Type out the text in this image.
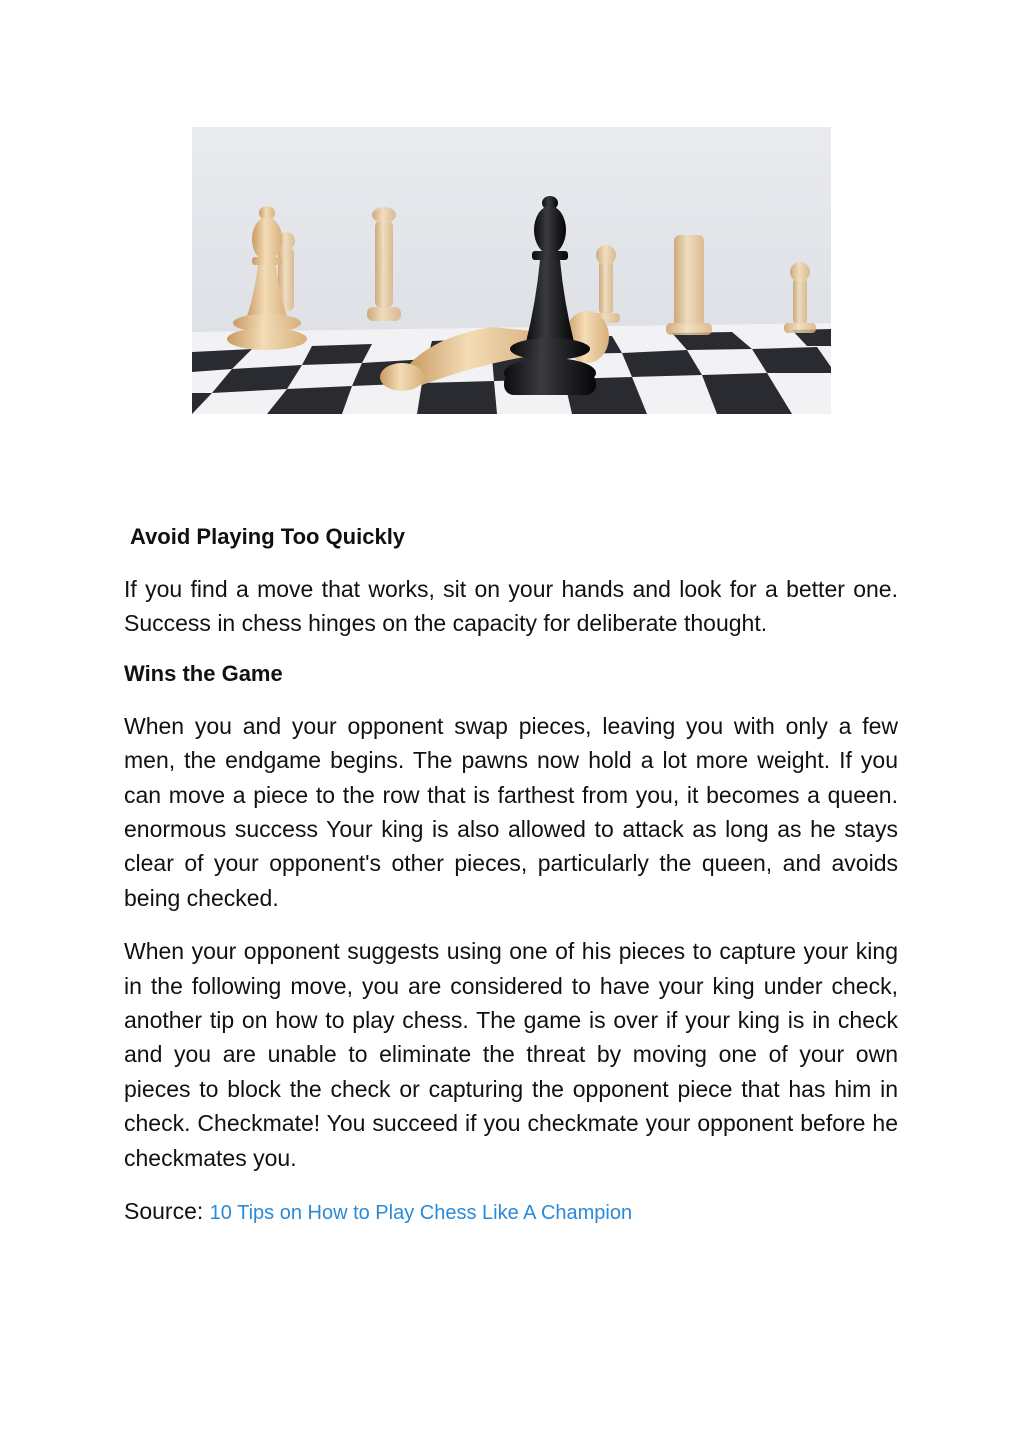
Avoid Playing Too Quickly

If you find a move that works, sit on your hands and look for a better one. Success in chess hinges on the capacity for deliberate thought.

Wins the Game

When you and your opponent swap pieces, leaving you with only a few men, the endgame begins. The pawns now hold a lot more weight. If you can move a piece to the row that is farthest from you, it becomes a queen. enormous success Your king is also allowed to attack as long as he stays clear of your opponent's other pieces, particularly the queen, and avoids being checked.

When your opponent suggests using one of his pieces to capture your king in the following move, you are considered to have your king under check, another tip on how to play chess. The game is over if your king is in check and you are unable to eliminate the threat by moving one of your own pieces to block the check or capturing the opponent piece that has him in check. Checkmate! You succeed if you checkmate your opponent before he checkmates you.

Source: 10 Tips on How to Play Chess Like A Champion
